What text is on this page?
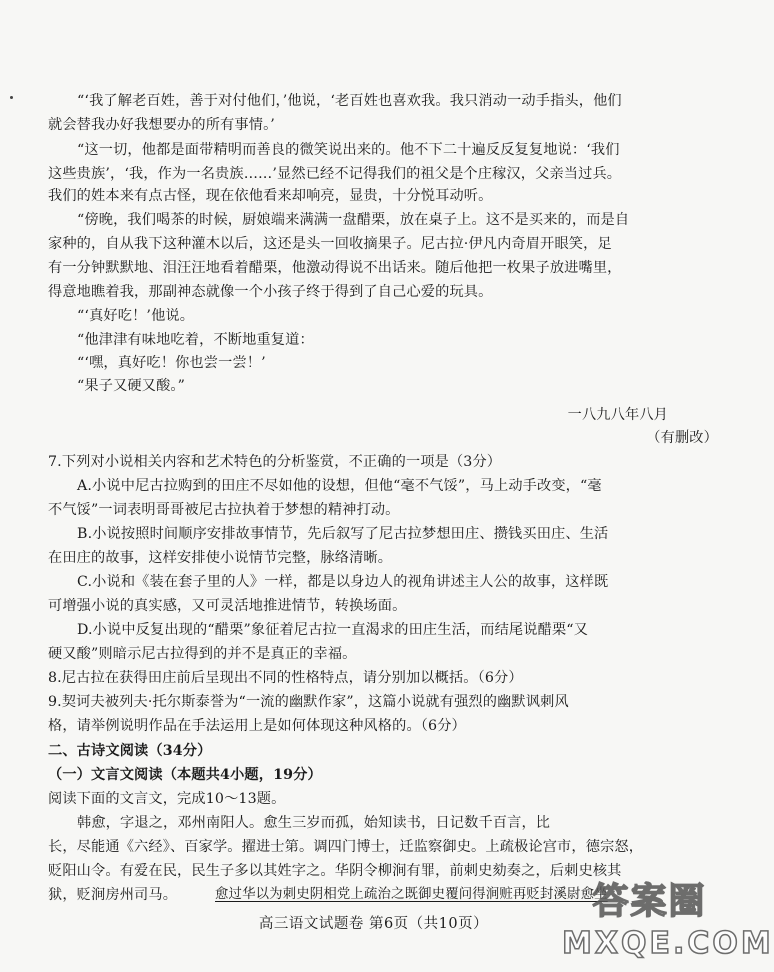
“‘我了解老百姓，善于对付他们，’他说，‘老百姓也喜欢我。我只消动一动手指头，他们
就会替我办好我想要办的所有事情。’
“这一切，他都是面带精明而善良的微笑说出来的。他不下二十遍反反复复地说：‘我们
这些贵族’，‘我，作为一名贵族……’显然已经不记得我们的祖父是个庄稼汉，父亲当过兵。
我们的姓本来有点古怪，现在依他看来却响亮，显贵，十分悦耳动听。
“傍晚，我们喝茶的时候，厨娘端来满满一盘醋栗，放在桌子上。这不是买来的，而是自
家种的，自从我下这种灌木以后，这还是头一回收摘果子。尼古拉·伊凡内奇眉开眼笑，足
有一分钟默默地、泪汪汪地看着醋栗，他激动得说不出话来。随后他把一枚果子放进嘴里，
得意地瞧着我，那副神态就像一个小孩子终于得到了自己心爱的玩具。
“‘真好吃！’他说。
“他津津有味地吃着，不断地重复道：
“‘嘿，真好吃！你也尝一尝！’
“果子又硬又酸。”
一八九八年八月
（有删改）
7.下列对小说相关内容和艺术特色的分析鉴赏，不正确的一项是（3分）
A.小说中尼古拉购到的田庄不尽如他的设想，但他“毫不气馁”，马上动手改变，“毫
不气馁”一词表明哥哥被尼古拉执着于梦想的精神打动。
B.小说按照时间顺序安排故事情节，先后叙写了尼古拉梦想田庄、攒钱买田庄、生活
在田庄的故事，这样安排使小说情节完整，脉络清晰。
C.小说和《装在套子里的人》一样，都是以身边人的视角讲述主人公的故事，这样既
可增强小说的真实感，又可灵活地推进情节，转换场面。
D.小说中反复出现的“醋栗”象征着尼古拉一直渴求的田庄生活，而结尾说醋栗“又
硬又酸”则暗示尼古拉得到的并不是真正的幸福。
8.尼古拉在获得田庄前后呈现出不同的性格特点，请分别加以概括。（6分）
9.契诃夫被列夫·托尔斯泰誉为“一流的幽默作家”，这篇小说就有强烈的幽默讽刺风
格，请举例说明作品在手法运用上是如何体现这种风格的。（6分）
二、古诗文阅读（34分）
（一）文言文阅读（本题共4小题，19分）
阅读下面的文言文，完成10～13题。
韩愈，字退之，邓州南阳人。愈生三岁而孤，始知读书，日记数千百言，比
长，尽能通《六经》、百家学。擢进士第。调四门博士，迁监察御史。上疏极论宫市，德宗怒，
贬阳山令。有爱在民，民生子多以其姓字之。华阴令柳涧有罪，前刺史劾奏之，后刺史核其
狱，贬涧房州司马。	愈过华以为刺史阴相党上疏治之既御史覆问得涧赃再贬封溪尉愈坐
高三语文试题卷 第6页（共10页）
答案圈
MXQE.COM
